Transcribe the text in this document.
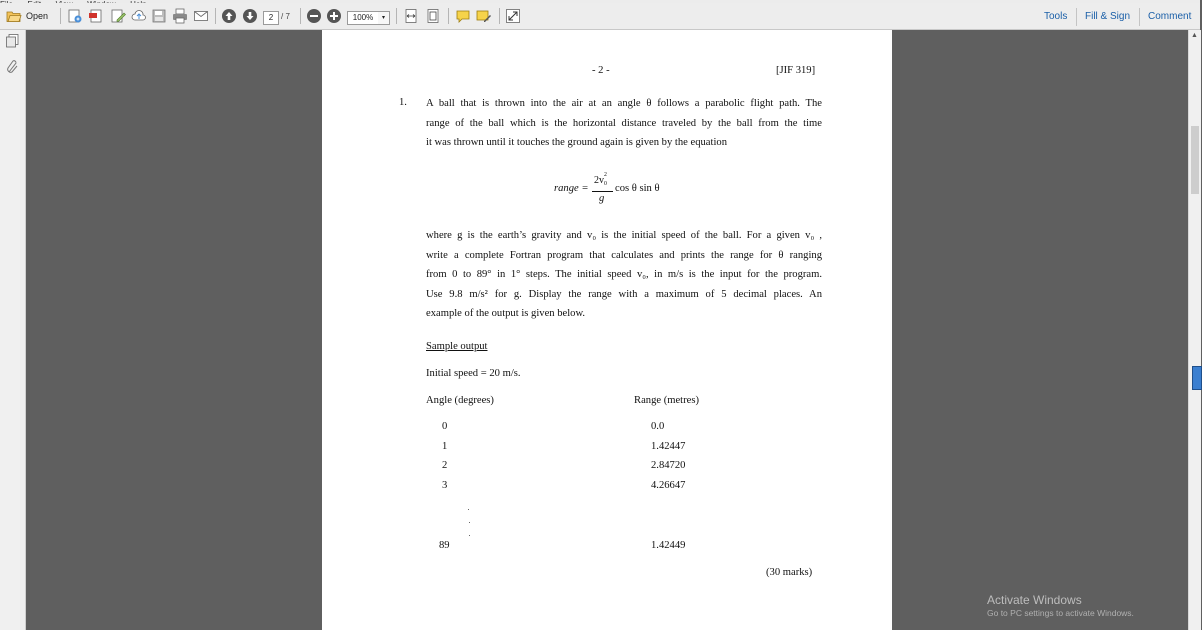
Open	2 / 7	100%	▾	Tools Fill & Sign Comment
- 2 -	[JIF 319]
1. A ball that is thrown into the air at an angle θ follows a parabolic flight path. The
range of the ball which is the horizontal distance traveled by the ball from the time
it was thrown until it touches the ground again is given by the equation
range =
2v 2
0
g
cos θ sin θ
where g is the earth’s gravity and v₀ is the initial speed of the ball. For a given v₀ ,
write a complete Fortran program that calculates and prints the range for θ ranging
from 0 to 89° in 1° steps. The initial speed v₀, in m/s is the input for the program.
Use 9.8 m/s² for g. Display the range with a maximum of 5 decimal places. An
example of the output is given below.
Sample output
Initial speed = 20 m/s.
Angle (degrees)	Range (metres)
0	0.0
1	1.42447
2	2.84720
3	4.26647
89	1.42449
(30 marks)
▲
Activate Windows
Go to PC settings to activate Windows.
